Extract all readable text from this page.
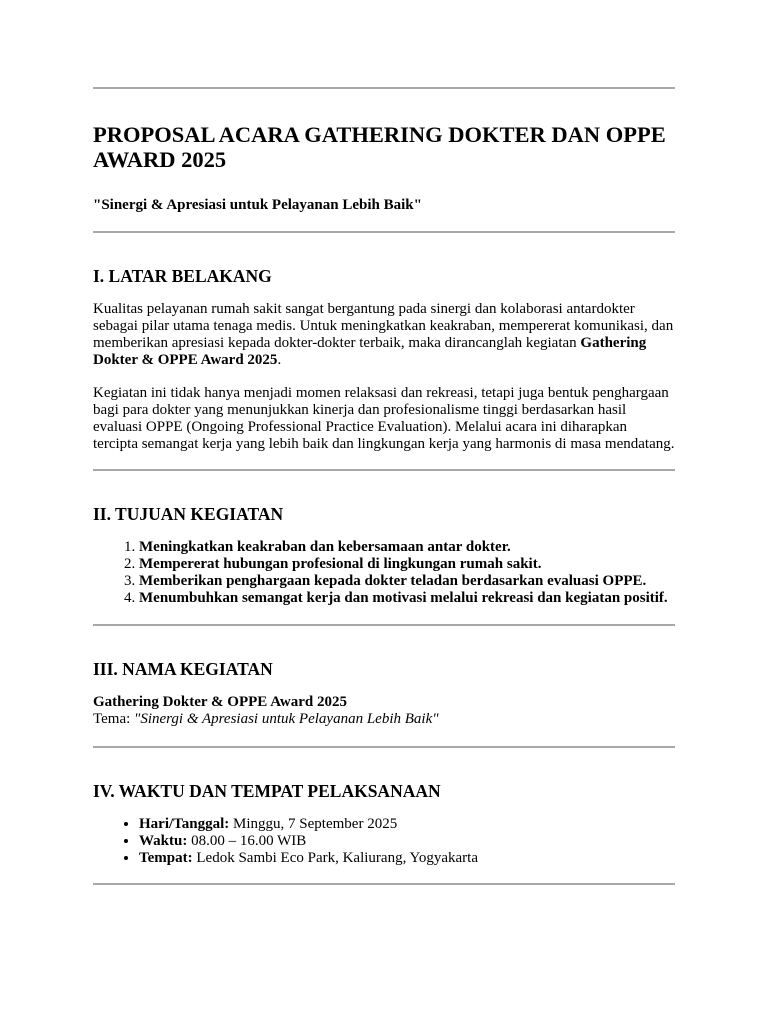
PROPOSAL ACARA GATHERING DOKTER DAN OPPE AWARD 2025
"Sinergi & Apresiasi untuk Pelayanan Lebih Baik"
I. LATAR BELAKANG

Kualitas pelayanan rumah sakit sangat bergantung pada sinergi dan kolaborasi antardokter sebagai pilar utama tenaga medis. Untuk meningkatkan keakraban, mempererat komunikasi, dan memberikan apresiasi kepada dokter-dokter terbaik, maka dirancanglah kegiatan Gathering Dokter & OPPE Award 2025.

Kegiatan ini tidak hanya menjadi momen relaksasi dan rekreasi, tetapi juga bentuk penghargaan bagi para dokter yang menunjukkan kinerja dan profesionalisme tinggi berdasarkan hasil evaluasi OPPE (Ongoing Professional Practice Evaluation). Melalui acara ini diharapkan tercipta semangat kerja yang lebih baik dan lingkungan kerja yang harmonis di masa mendatang.

II. TUJUAN KEGIATAN
1. Meningkatkan keakraban dan kebersamaan antar dokter.
2. Mempererat hubungan profesional di lingkungan rumah sakit.
3. Memberikan penghargaan kepada dokter teladan berdasarkan evaluasi OPPE.
4. Menumbuhkan semangat kerja dan motivasi melalui rekreasi dan kegiatan positif.
III. NAMA KEGIATAN
Gathering Dokter & OPPE Award 2025
Tema: "Sinergi & Apresiasi untuk Pelayanan Lebih Baik"
IV. WAKTU DAN TEMPAT PELAKSANAAN
• Hari/Tanggal: Minggu, 7 September 2025
• Waktu: 08.00 – 16.00 WIB
• Tempat: Ledok Sambi Eco Park, Kaliurang, Yogyakarta
